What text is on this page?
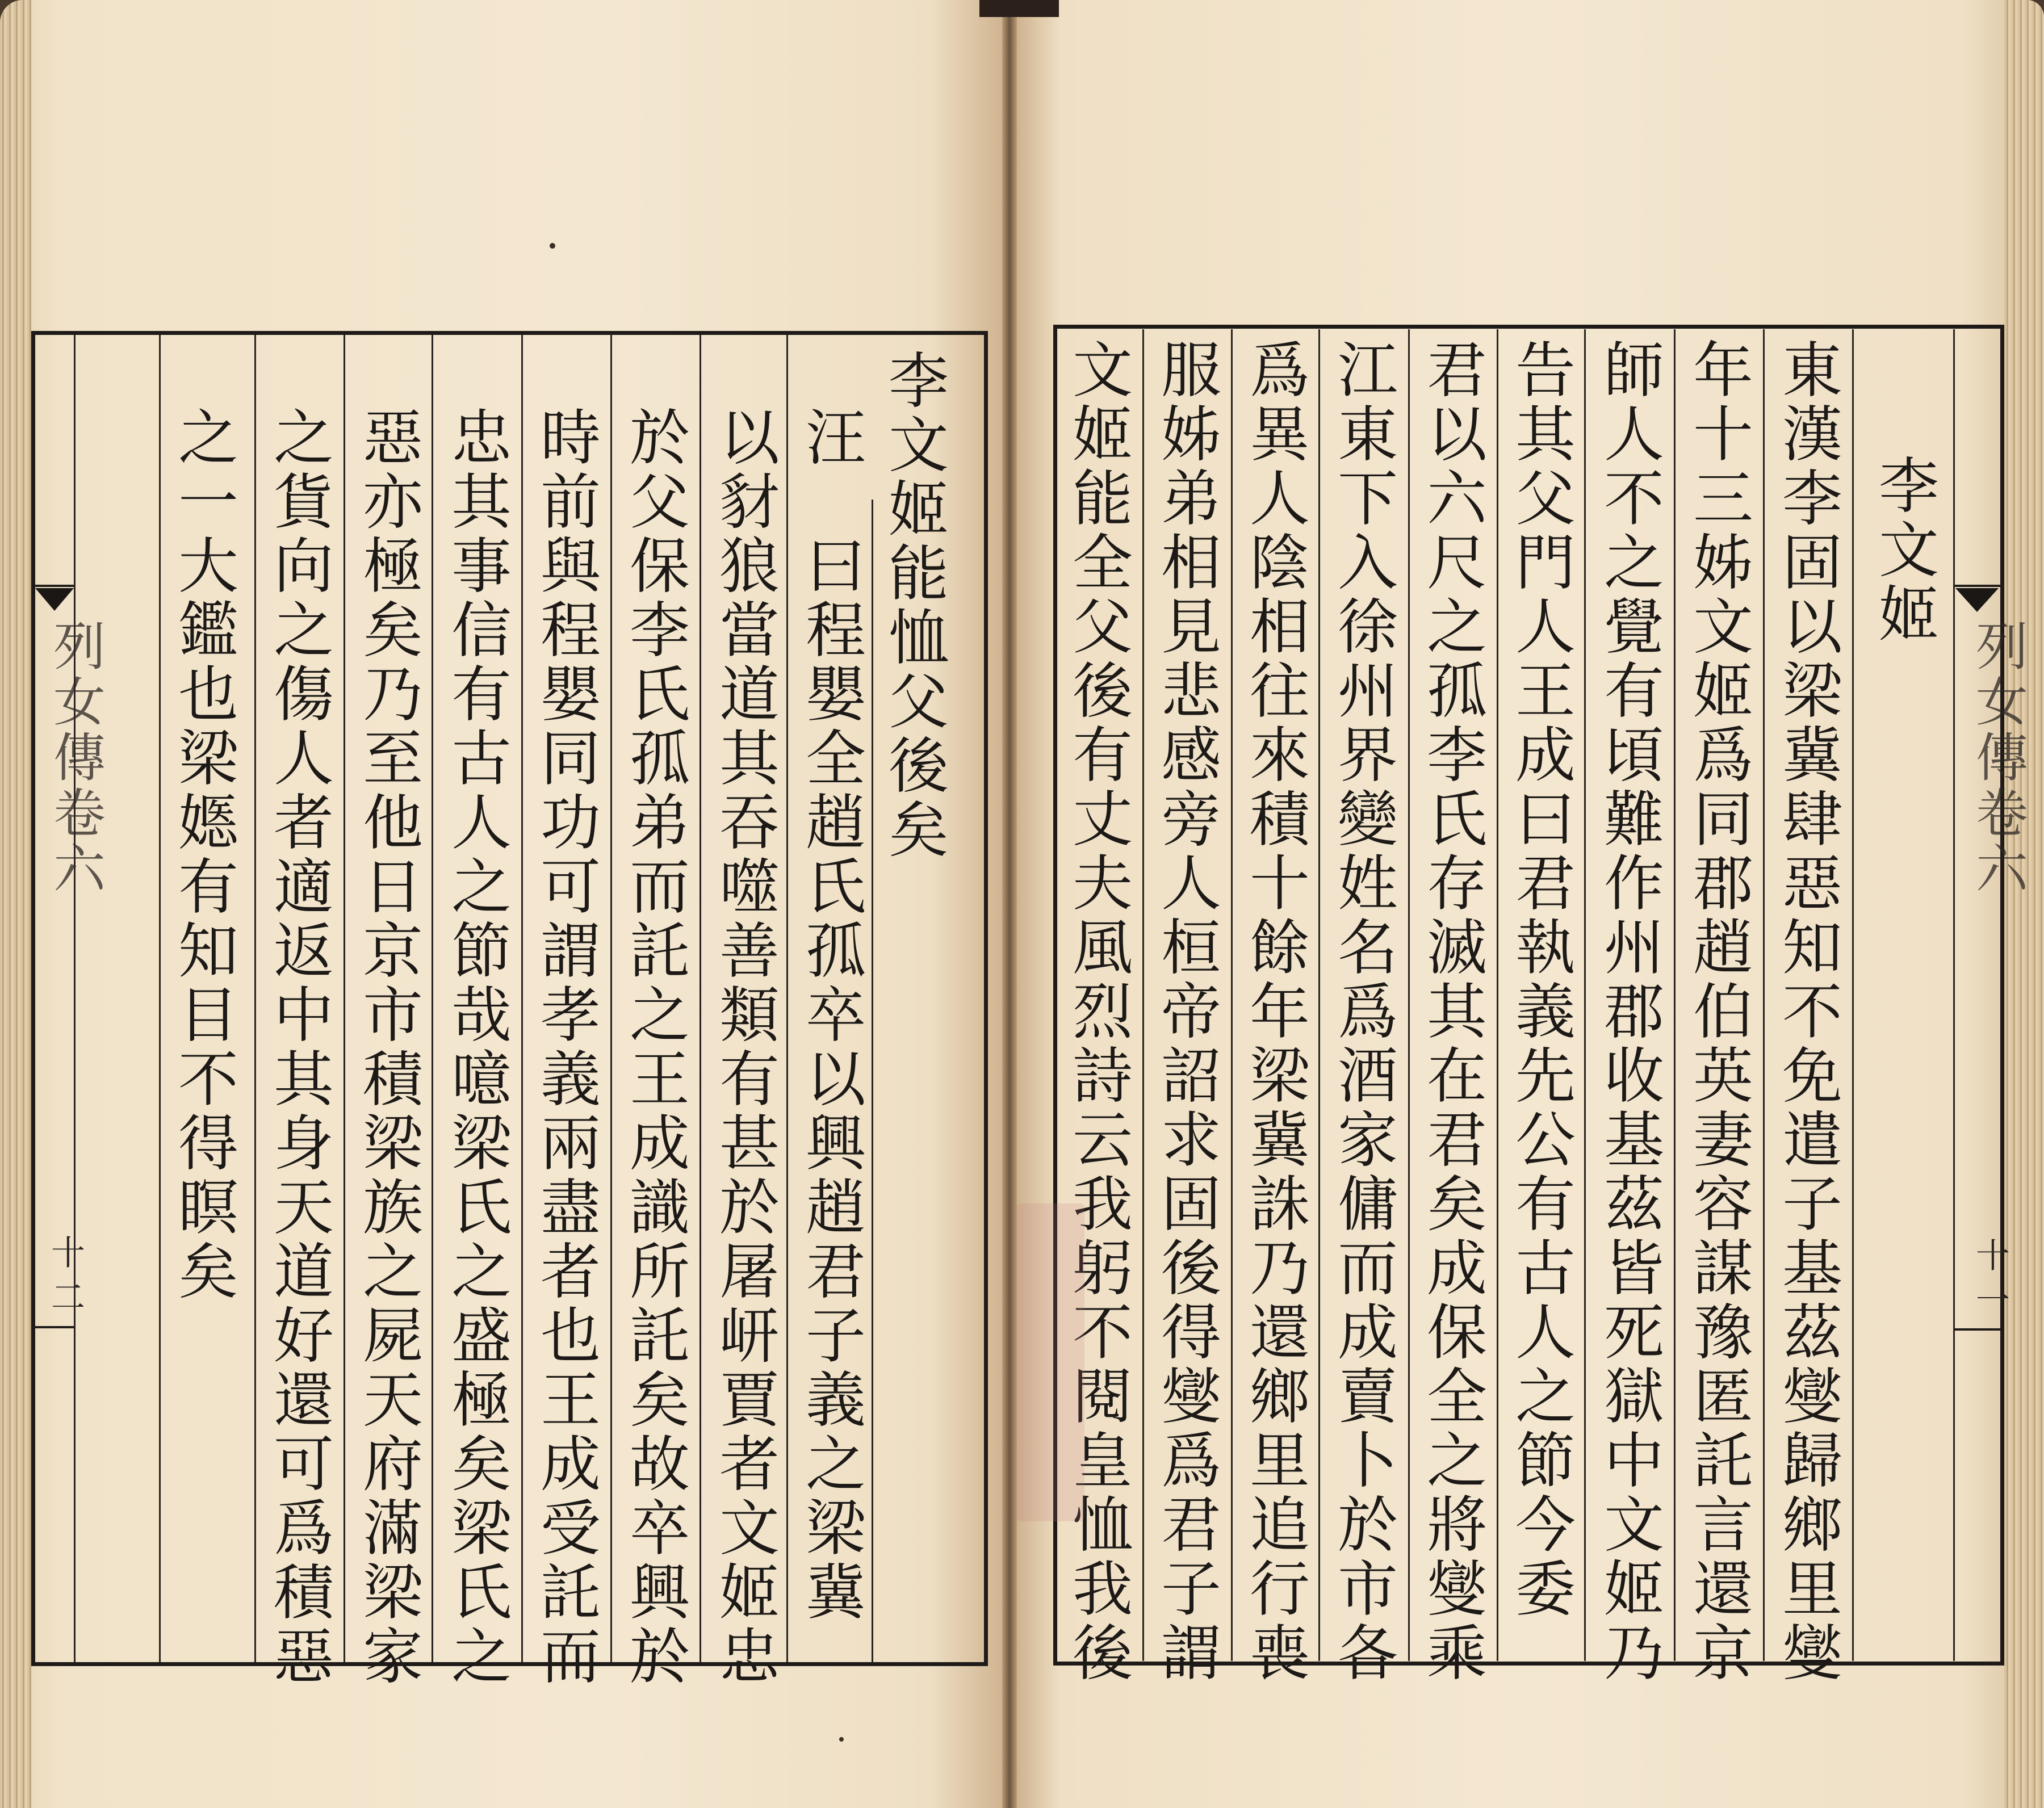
列女傳卷六
十二
李文姬能恤父後矣
汪　曰程嬰全趙氏孤卒以興趙君子義之梁冀
以豺狼當道其吞噬善類有甚於屠岍賈者文姬忠
於父保李氏孤弟而託之王成識所託矣故卒興於
時前與程嬰同功可謂孝義兩盡者也王成受託而
忠其事信有古人之節哉噫梁氏之盛極矣梁氏之
惡亦極矣乃至他日京市積梁族之屍天府滿梁家
之貨向之傷人者適返中其身天道好還可爲積惡
之一大鑑也梁嫕有知目不得瞑矣	列女傳卷六
十一
李文姬
東漢李固以梁冀肆惡知不免遣子基茲燮歸鄉里燮
年十三姊文姬爲同郡趙伯英妻容謀豫匿託言還京
師人不之覺有頃難作州郡收基茲皆死獄中文姬乃
告其父門人王成曰君執義先公有古人之節今委
君以六尺之孤李氏存滅其在君矣成保全之將燮乘
江東下入徐州界變姓名爲酒家傭而成賣卜於市各
爲異人陰相往來積十餘年梁冀誅乃還鄉里追行喪
服姊弟相見悲感旁人桓帝詔求固後得燮爲君子謂
文姬能全父後有丈夫風烈詩云我躬不閱皇恤我後
